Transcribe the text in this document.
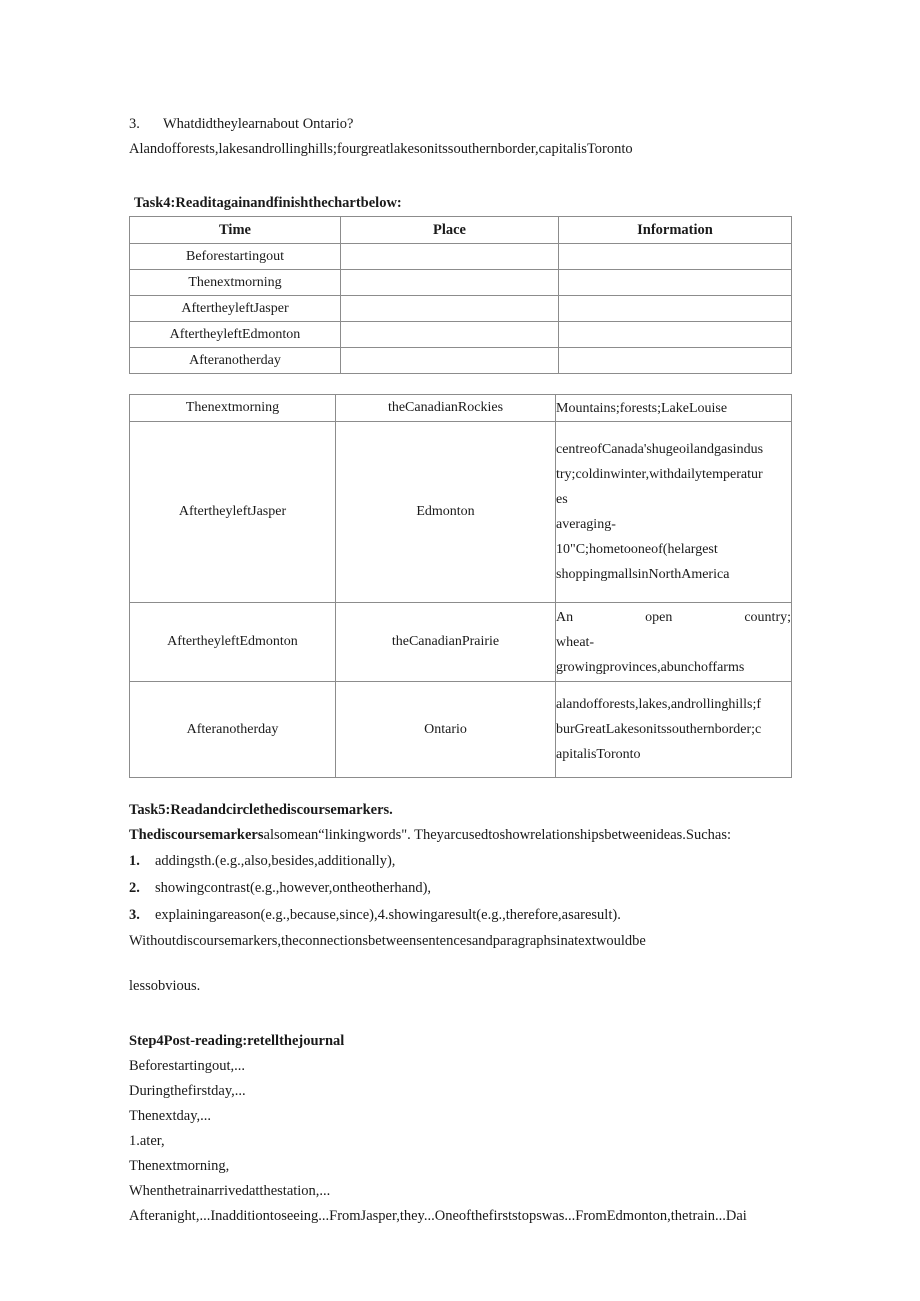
3.	Whatdidtheylearnabout Ontario?
Alandofforests,lakesandrollinghills;fourgreatlakesonitssouthernborder,capitalisToronto
Task4:Readitagainandfinishthechartbelow:
Time	Place	Information
Beforestartingout		
Thenextmorning		
AftertheyleftJasper		
AftertheyleftEdmonton		
Afteranotherday		
Thenextmorning	theCanadianRockies	Mountains;forests;LakeLouise
AftertheyleftJasper	Edmonton	centreofCanada'shugeoilandgasindus
try;coldinwinter,withdailytemperatur
es
averaging-
10"C;hometooneof(helargest
shoppingmallsinNorthAmerica
AftertheyleftEdmonton	theCanadianPrairie	An open country;
wheat-
growingprovinces,abunchoffarms
Afteranotherday	Ontario	alandofforests,lakes,androllinghills;f
burGreatLakesonitssouthernborder;c
apitalisToronto
Task5:Readandcirclethediscoursemarkers.
Thediscoursemarkersalsomean“linkingwords". Theyarcusedtoshowrelationshipsbetweenideas.Suchas:
1.	addingsth.(e.g.,also,besides,additionally),
2.	showingcontrast(e.g.,however,ontheotherhand),
3.	explainingareason(e.g.,because,since),4.showingaresult(e.g.,therefore,asaresult).
Withoutdiscoursemarkers,theconnectionsbetweensentencesandparagraphsinatextwouldbe
lessobvious.
Step4Post-reading:retellthejournal
Beforestartingout,...
Duringthefirstday,...
Thenextday,...
1.ater,
Thenextmorning,
Whenthetrainarrivedatthestation,...
Afteranight,...Inadditiontoseeing...FromJasper,they...Oneofthefirststopswas...FromEdmonton,thetrain...Dai
